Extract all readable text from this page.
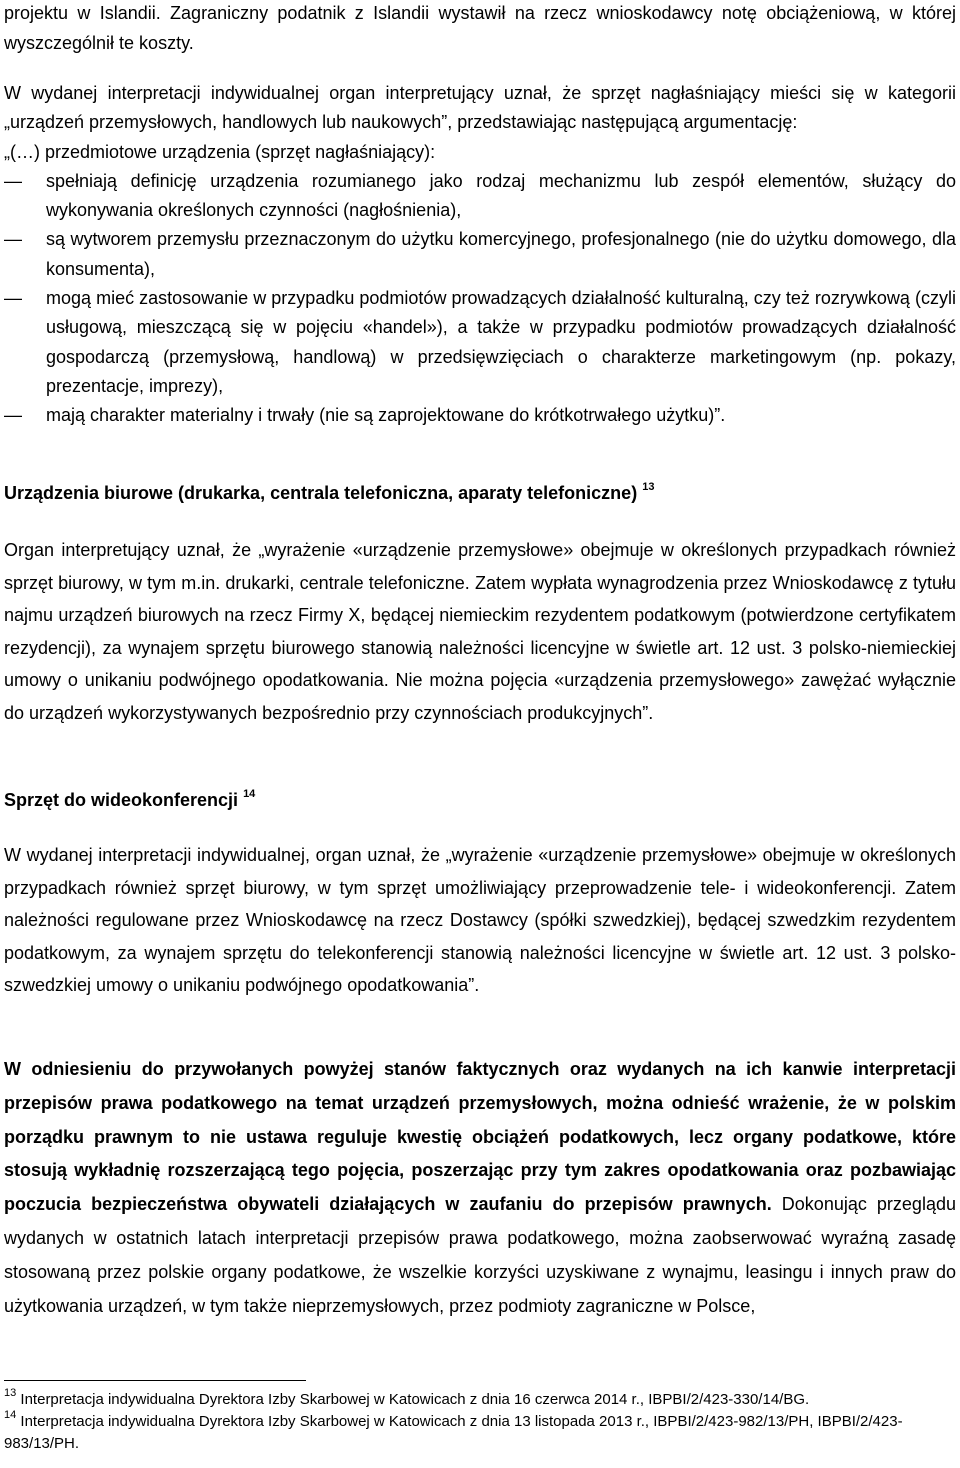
projektu w Islandii. Zagraniczny podatnik z Islandii wystawił na rzecz wnioskodawcy notę obciążeniową, w której wyszczególnił te koszty.

W wydanej interpretacji indywidualnej organ interpretujący uznał, że sprzęt nagłaśniający mieści się w kategorii „urządzeń przemysłowych, handlowych lub naukowych”, przedstawiając następującą argumentację:

„(…) przedmiotowe urządzenia (sprzęt nagłaśniający):

—	spełniają definicję urządzenia rozumianego jako rodzaj mechanizmu lub zespół elementów, służący do wykonywania określonych czynności (nagłośnienia),
—	są wytworem przemysłu przeznaczonym do użytku komercyjnego, profesjonalnego (nie do użytku domowego, dla konsumenta),
—	mogą mieć zastosowanie w przypadku podmiotów prowadzących działalność kulturalną, czy też rozrywkową (czyli usługową, mieszczącą się w pojęciu «handel»), a także w przypadku podmiotów prowadzących działalność gospodarczą (przemysłową, handlową) w przedsięwzięciach o charakterze marketingowym (np. pokazy, prezentacje, imprezy),
—	mają charakter materialny i trwały (nie są zaprojektowane do krótkotrwałego użytku)”.
Urządzenia biurowe (drukarka, centrala telefoniczna, aparaty telefoniczne) $^{13}$

Organ interpretujący uznał, że „wyrażenie «urządzenie przemysłowe» obejmuje w określonych przypadkach również sprzęt biurowy, w tym m.in. drukarki, centrale telefoniczne. Zatem wypłata wynagrodzenia przez Wnioskodawcę z tytułu najmu urządzeń biurowych na rzecz Firmy X, będącej niemieckim rezydentem podatkowym (potwierdzone certyfikatem rezydencji), za wynajem sprzętu biurowego stanowią należności licencyjne w świetle art. 12 ust. 3 polsko-niemieckiej umowy o unikaniu podwójnego opodatkowania. Nie można pojęcia «urządzenia przemysłowego» zawężać wyłącznie do urządzeń wykorzystywanych bezpośrednio przy czynnościach produkcyjnych”.

Sprzęt do wideokonferencji $^{14}$

W wydanej interpretacji indywidualnej, organ uznał, że „wyrażenie «urządzenie przemysłowe» obejmuje w określonych przypadkach również sprzęt biurowy, w tym sprzęt umożliwiający przeprowadzenie tele- i wideokonferencji. Zatem należności regulowane przez Wnioskodawcę na rzecz Dostawcy (spółki szwedzkiej), będącej szwedzkim rezydentem podatkowym, za wynajem sprzętu do telekonferencji stanowią należności licencyjne w świetle art. 12 ust. 3 polsko-szwedzkiej umowy o unikaniu podwójnego opodatkowania”.

W odniesieniu do przywołanych powyżej stanów faktycznych oraz wydanych na ich kanwie interpretacji przepisów prawa podatkowego na temat urządzeń przemysłowych, można odnieść wrażenie, że w polskim porządku prawnym to nie ustawa reguluje kwestię obciążeń podatkowych, lecz organy podatkowe, które stosują wykładnię rozszerzającą tego pojęcia, poszerzając przy tym zakres opodatkowania oraz pozbawiając poczucia bezpieczeństwa obywateli działających w zaufaniu do przepisów prawnych. Dokonując przeglądu wydanych w ostatnich latach interpretacji przepisów prawa podatkowego, można zaobserwować wyraźną zasadę stosowaną przez polskie organy podatkowe, że wszelkie korzyści uzyskiwane z wynajmu, leasingu i innych praw do użytkowania urządzeń, w tym także nieprzemysłowych, przez podmioty zagraniczne w Polsce,

$^{13}$ Interpretacja indywidualna Dyrektora Izby Skarbowej w Katowicach z dnia 16 czerwca 2014 r., IBPBI/2/423-330/14/BG.

$^{14}$ Interpretacja indywidualna Dyrektora Izby Skarbowej w Katowicach z dnia 13 listopada 2013 r., IBPBI/2/423-982/13/PH, IBPBI/2/423-983/13/PH.
